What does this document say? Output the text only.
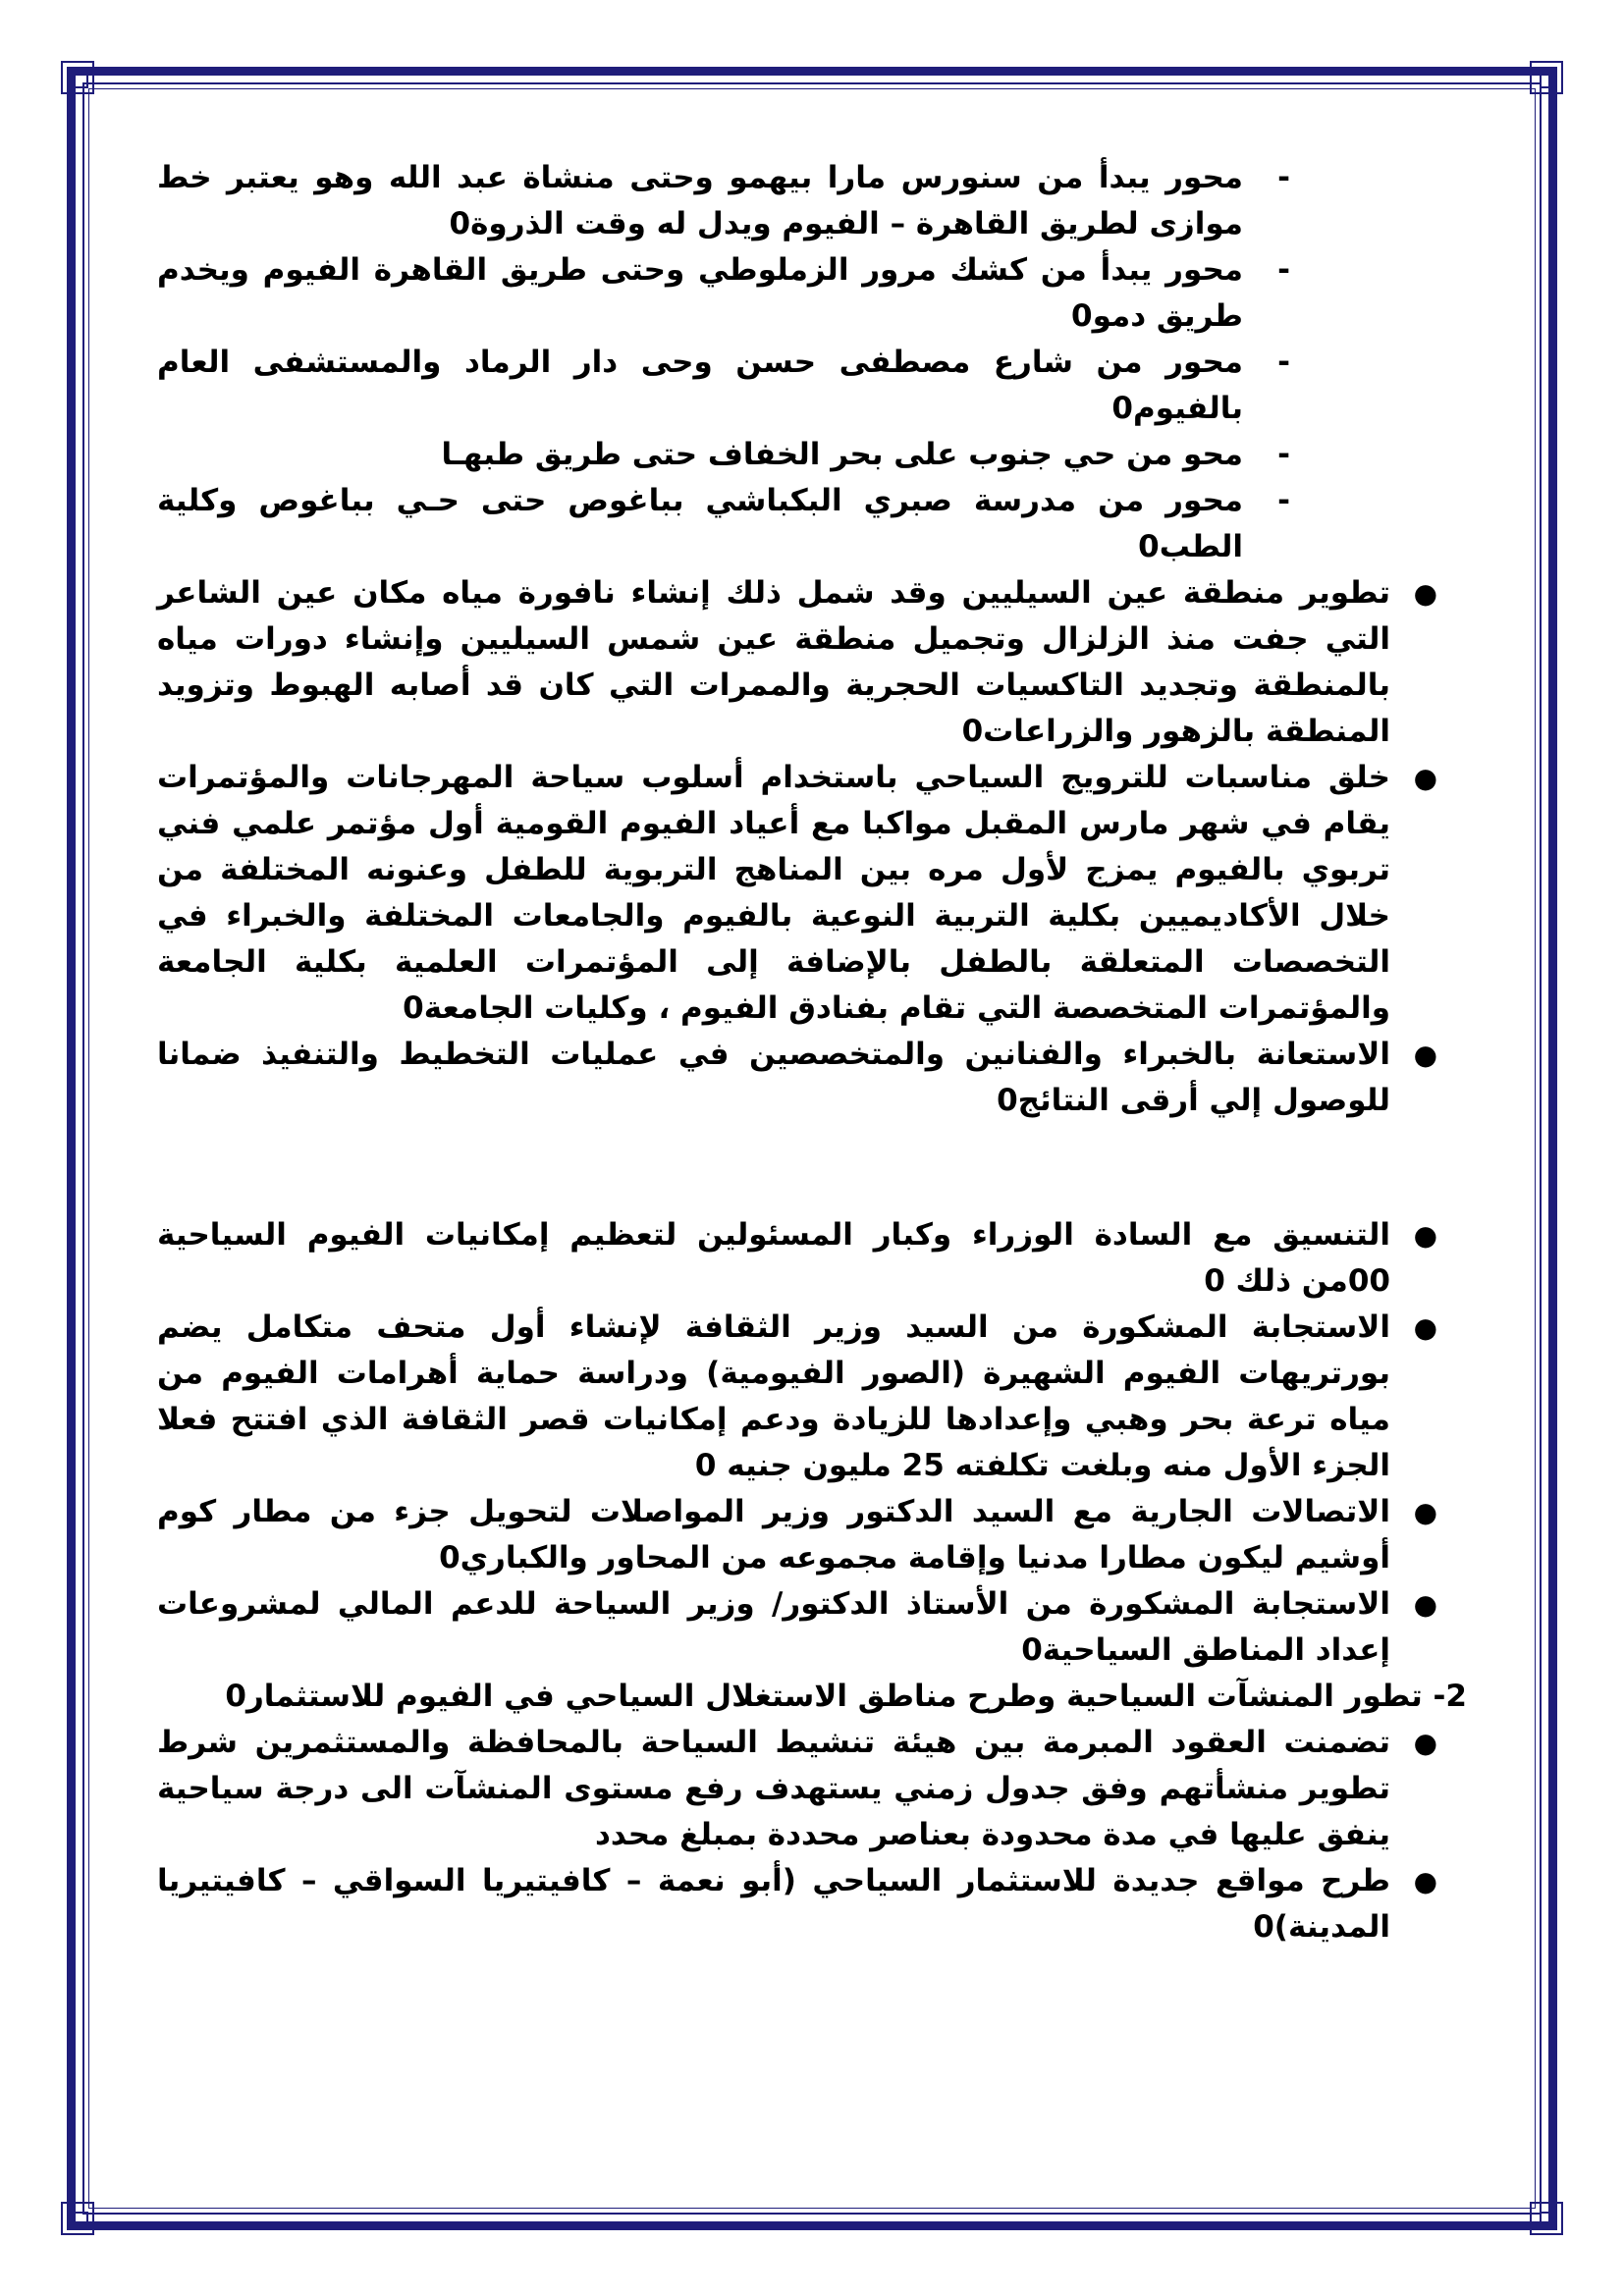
-
محور يبدأ من سنورس مارا بيهمو وحتى منشاة عبد الله وهو يعتبر خط موازى لطريق القاهرة – الفيوم ويدل له وقت الذروة0
-
محور يبدأ من كشك مرور الزملوطي وحتى طريق القاهرة الفيوم ويخدم طريق دمو0
-
محور من شارع مصطفى حسن وحى دار الرماد والمستشفى العام بالفيوم0
-
محو من حي جنوب على بحر الخفاف حتى طريق طبهـا
-
محور من مدرسة صبري البكباشي بباغوص حتى حـي بباغوص وكلية الطب0
●
تطوير منطقة عين السيليين وقد شمل ذلك إنشاء نافورة مياه مكان عين الشاعر التي جفت منذ الزلزال وتجميل منطقة عين شمس السيليين وإنشاء دورات مياه بالمنطقة وتجديد التاكسيات الحجرية والممرات التي كان قد أصابه الهبوط وتزويد المنطقة بالزهور والزراعات0
●
خلق مناسبات للترويج السياحي باستخدام أسلوب سياحة المهرجانات والمؤتمرات يقام في شهر مارس المقبل مواكبا مع أعياد الفيوم القومية أول مؤتمر علمي فني تربوي بالفيوم يمزج لأول مره بين المناهج التربوية للطفل وعنونه المختلفة من خلال الأكاديميين بكلية التربية النوعية بالفيوم والجامعات المختلفة والخبراء في التخصصات المتعلقة بالطفل بالإضافة إلى المؤتمرات العلمية بكلية الجامعة والمؤتمرات المتخصصة التي تقام بفنادق الفيوم ، وكليات الجامعة0
●
الاستعانة بالخبراء والفنانين والمتخصصين في عمليات التخطيط والتنفيذ ضمانا للوصول إلي أرقى النتائج0
●
التنسيق مع السادة الوزراء وكبار المسئولين لتعظيم إمكانيات الفيوم السياحية 00من ذلك 0
●
الاستجابة المشكورة من السيد وزير الثقافة لإنشاء أول متحف متكامل يضم بورتريهات الفيوم الشهيرة (الصور الفيومية) ودراسة حماية أهرامات الفيوم من مياه ترعة بحر وهبي وإعدادها للزيادة ودعم إمكانيات قصر الثقافة الذي افتتح فعلا الجزء الأول منه وبلغت تكلفته 25 مليون جنيه 0
●
الاتصالات الجارية مع السيد الدكتور وزير المواصلات لتحويل جزء من مطار كوم أوشيم ليكون مطارا مدنيا وإقامة مجموعه من المحاور والكباري0
●
الاستجابة المشكورة من الأستاذ الدكتور/ وزير السياحة للدعم المالي لمشروعات إعداد المناطق السياحية0
2- تطور المنشآت السياحية وطرح مناطق الاستغلال السياحي في الفيوم للاستثمار0
●
تضمنت العقود المبرمة بين هيئة تنشيط السياحة بالمحافظة والمستثمرين شرط تطوير منشأتهم وفق جدول زمني يستهدف رفع مستوى المنشآت الى درجة سياحية ينفق عليها في مدة محدودة بعناصر محددة بمبلغ محدد
●
طرح مواقع جديدة للاستثمار السياحي (أبو نعمة – كافيتيريا السواقي – كافيتيريا المدينة)0
